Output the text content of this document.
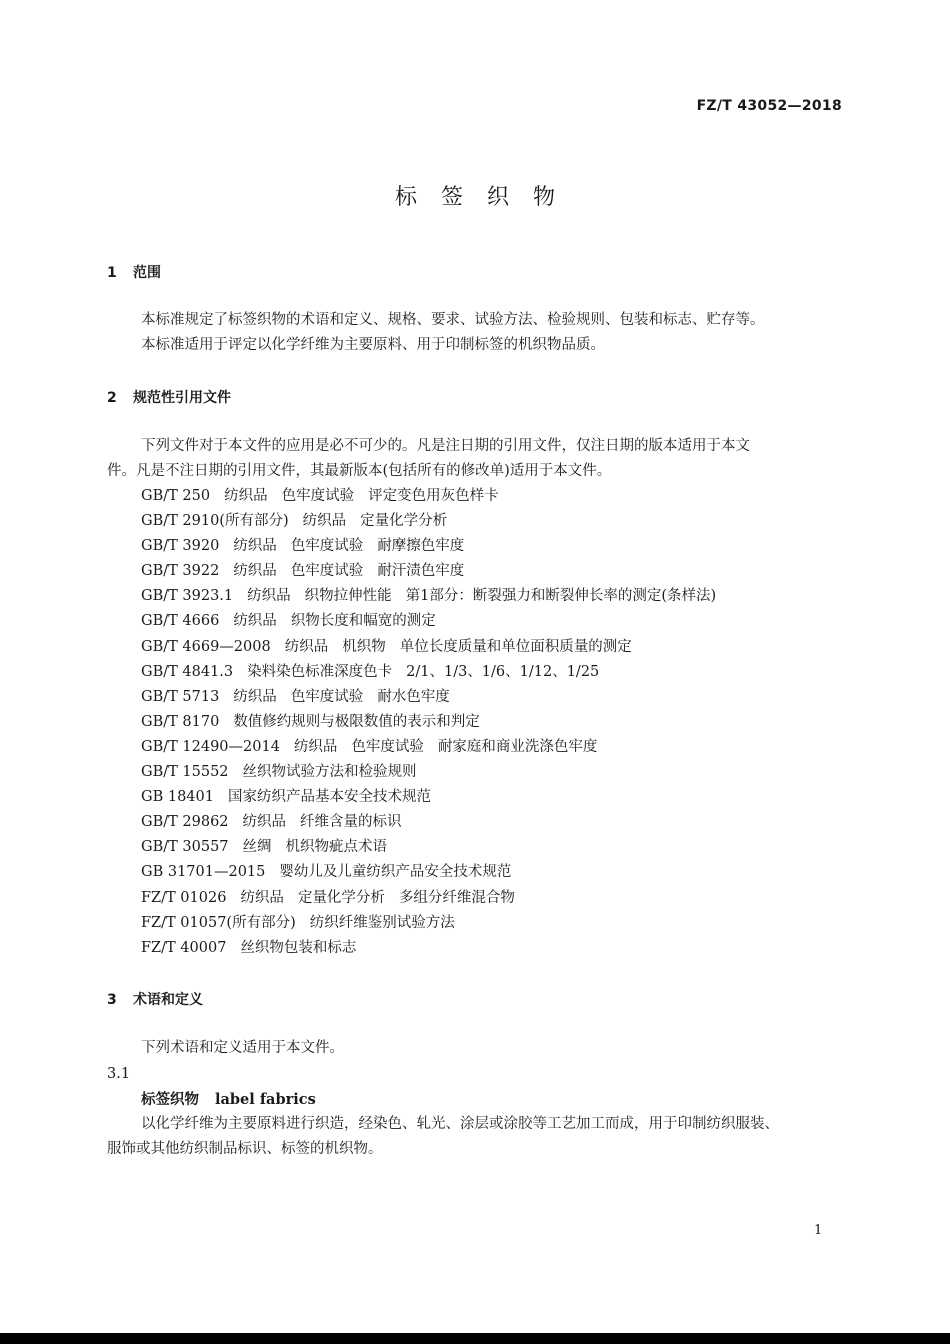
FZ/T 43052—2018
标签织物
1 范围
本标准规定了标签织物的术语和定义、规格、要求、试验方法、检验规则、包装和标志、贮存等。
本标准适用于评定以化学纤维为主要原料、用于印制标签的机织物品质。
2 规范性引用文件
下列文件对于本文件的应用是必不可少的。凡是注日期的引用文件，仅注日期的版本适用于本文
件。凡是不注日期的引用文件，其最新版本(包括所有的修改单)适用于本文件。
GB/T 250 纺织品 色牢度试验 评定变色用灰色样卡
GB/T 2910(所有部分) 纺织品 定量化学分析
GB/T 3920 纺织品 色牢度试验 耐摩擦色牢度
GB/T 3922 纺织品 色牢度试验 耐汗渍色牢度
GB/T 3923.1 纺织品 织物拉伸性能 第1部分：断裂强力和断裂伸长率的测定(条样法)
GB/T 4666 纺织品 织物长度和幅宽的测定
GB/T 4669—2008 纺织品 机织物 单位长度质量和单位面积质量的测定
GB/T 4841.3 染料染色标准深度色卡 2/1、1/3、1/6、1/12、1/25
GB/T 5713 纺织品 色牢度试验 耐水色牢度
GB/T 8170 数值修约规则与极限数值的表示和判定
GB/T 12490—2014 纺织品 色牢度试验 耐家庭和商业洗涤色牢度
GB/T 15552 丝织物试验方法和检验规则
GB 18401 国家纺织产品基本安全技术规范
GB/T 29862 纺织品 纤维含量的标识
GB/T 30557 丝绸 机织物疵点术语
GB 31701—2015 婴幼儿及儿童纺织产品安全技术规范
FZ/T 01026 纺织品 定量化学分析 多组分纤维混合物
FZ/T 01057(所有部分) 纺织纤维鉴别试验方法
FZ/T 40007 丝织物包装和标志
3 术语和定义
下列术语和定义适用于本文件。
3.1
标签织物 label fabrics
以化学纤维为主要原料进行织造，经染色、轧光、涂层或涂胶等工艺加工而成，用于印制纺织服装、
服饰或其他纺织制品标识、标签的机织物。
1
